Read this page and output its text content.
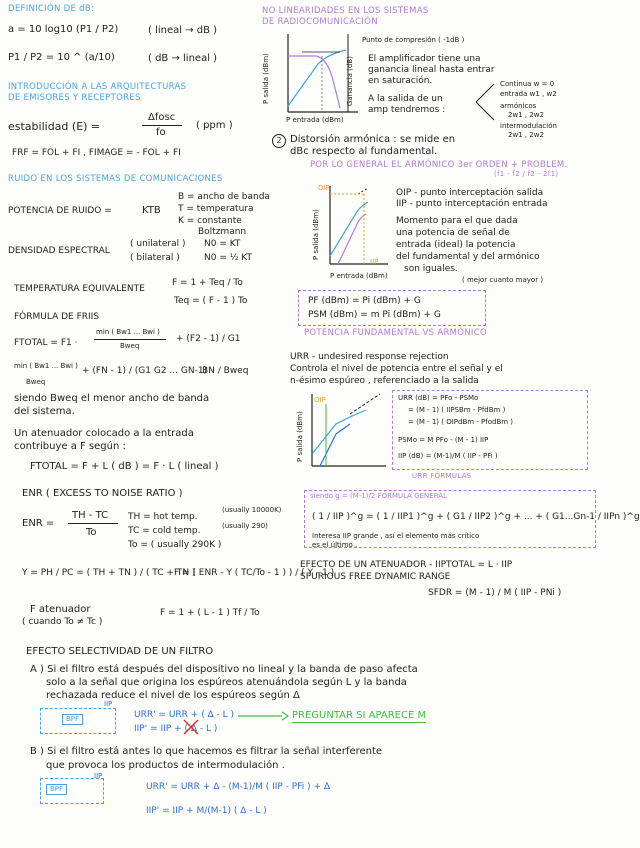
DEFINICIÓN DE dB:
a = 10 log10 (P1 / P2)	( lineal → dB )
P1 / P2 = 10 ^ (a/10)	( dB → lineal )
INTRODUCCIÓN A LAS ARQUITECTURAS
DE EMISORES Y RECEPTORES
estabilidad (E) =
Δfosc
fo
( ppm )
FRF = FOL + FI , FIMAGE = - FOL + FI
NO LINEARIDADES EN LOS SISTEMAS
DE RADIOCOMUNICACIÓN
P salida (dBm)	Ganancia (dB)
P entrada (dBm)
Punto de compresión ( -1dB )
El amplificador tiene una
ganancia lineal hasta entrar
en saturación.
A la salida de un
amp tendremos :
Continua w = 0
entrada w1 , w2
armónicos
2w1 , 2w2
intermodulación
2w1 , 2w2
2 Distorsión armónica : se mide en
dBc respecto al fundamental.
POR LO GENERAL EL ARMÓNICO 3er ORDEN + PROBLEM.
(f1 - f2 / f2 - 2f1)
RUIDO EN LOS SISTEMAS DE COMUNICACIONES
B = ancho de banda
T = temperatura
K = constante
Boltzmann
POTENCIA DE RUIDO =	KTB
DENSIDAD ESPECTRAL
( unilateral ) N0 = KT
( bilateral )	N0 = ½ KT
TEMPERATURA EQUIVALENTE
F = 1 + Teq / To
Teq = ( F - 1 ) To
FÓRMULA DE FRIIS
FTOTAL = F1 ·
min ( Bw1 ... Bwi )
Bweq
+ (F2 - 1) / G1
min ( Bw1 ... Bwi )
Bweq
+ (FN - 1) / (G1 G2 ... GN-1) ·
BN / Bweq
siendo Bweq el menor ancho de banda
del sistema.
Un atenuador colocado a la entrada
contribuye a F según :
FTOTAL = F + L ( dB ) = F · L ( lineal )
P salida (dBm)
P entrada (dBm)
OIP
IIP
OIP - punto interceptación salida
IIP - punto interceptación entrada
Momento para el que dada
una potencia de señal de
entrada (ideal) la potencia
del fundamental y del armónico
son iguales.
( mejor cuanto mayor )
PF (dBm) = Pi (dBm) + G
PSM (dBm) = m Pi (dBm) + G
POTENCIA FUNDAMENTAL VS ARMÓNICO
URR - undesired response rejection
Controla el nivel de potencia entre el señal y el
n-ésimo espúreo , referenciado a la salida
P salida (dBm)
OIP	URR (dB) = PFo - PSMo
= (M - 1) ( IIPSBm - PfdBm )
= (M - 1) ( OIPdBm - PfodBm )
PSMo = M PFo - (M - 1) IIP
IIP (dB) = (M-1)/M ( IIP - PFi )
URR FÓRMULAS
ENR ( EXCESS TO NOISE RATIO )
ENR =
TH - TC
To
TH = hot temp.
(usually 10000K)
TC = cold temp.	(usually 290)
To = ( usually 290K )
Y = PH / PC = ( TH + TN ) / ( TC + TN )
F = ( ENR - Y ( TC/To - 1 ) ) / ( Y - 1 )
F atenuador
( cuando To ≠ Tc )
F = 1 + ( L - 1 ) Tf / To
siendo g = (M-1)/2 FÓRMULA GENERAL
( 1 / IIP )^g = ( 1 / IIP1 )^g + ( G1 / IIP2 )^g + ... + ( G1...Gn-1 / IIPn )^g
Interesa IIP grande , así el elemento más crítico
es el último .
EFECTO DE UN ATENUADOR - IIPTOTAL = L · IIP
SPURIOUS FREE DYNAMIC RANGE
SFDR = (M - 1) / M ( IIP - PNi )
EFECTO SELECTIVIDAD DE UN FILTRO
A ) Si el filtro está después del dispositivo no lineal y la banda de paso afecta
solo a la señal que origina los espúreos atenuándola según L y la banda
rechazada reduce el nivel de los espúreos según Δ
BPF
IIP
URR' = URR + ( Δ - L )
IIP' = IIP + ( Δ - L )
PREGUNTAR SI APARECE M
B ) Si el filtro está antes lo que hacemos es filtrar la señal interferente
que provoca los productos de intermodulación .
BPF
IIP
URR' = URR + Δ - (M-1)/M ( IIP - PFi ) + Δ
IIP' = IIP + M/(M-1) ( Δ - L )
